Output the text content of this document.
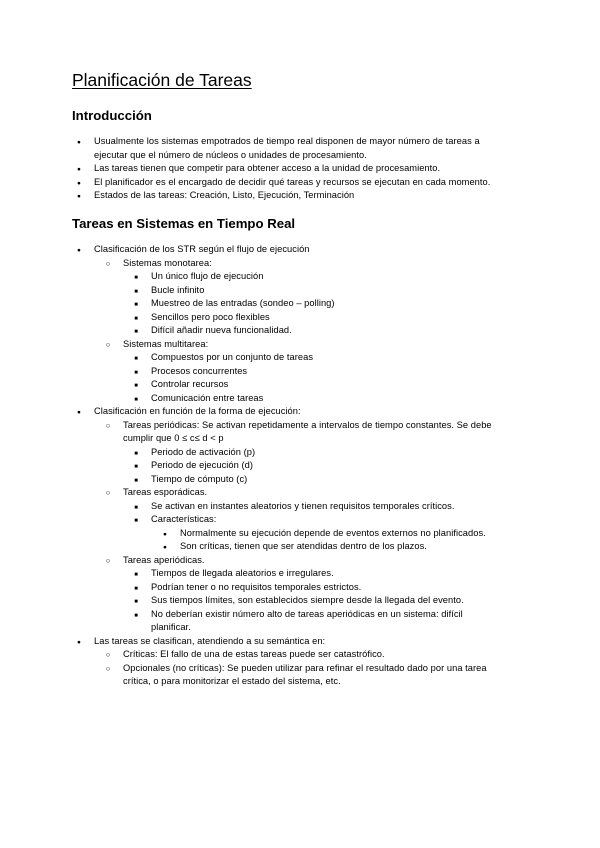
Planificación de Tareas
Introducción
●
Usualmente los sistemas empotrados de tiempo real disponen de mayor número de tareas a
ejecutar que el número de núcleos o unidades de procesamiento.
●
Las tareas tienen que competir para obtener acceso a la unidad de procesamiento.
●
El planificador es el encargado de decidir qué tareas y recursos se ejecutan en cada momento.
●
Estados de las tareas: Creación, Listo, Ejecución, Terminación
Tareas en Sistemas en Tiempo Real
●
Clasificación de los STR según el flujo de ejecución
○
Sistemas monotarea:
■
Un único flujo de ejecución
■
Bucle infinito
■
Muestreo de las entradas (sondeo – polling)
■
Sencillos pero poco flexibles
■
Difícil añadir nueva funcionalidad.
○
Sistemas multitarea:
■
Compuestos por un conjunto de tareas
■
Procesos concurrentes
■
Controlar recursos
■
Comunicación entre tareas
●
Clasificación en función de la forma de ejecución:
○
Tareas periódicas: Se activan repetidamente a intervalos de tiempo constantes. Se debe
cumplir que 0 ≤ c≤ d < p
■
Periodo de activación (p)
■
Periodo de ejecución (d)
■
Tiempo de cómputo (c)
○
Tareas esporádicas.
■
Se activan en instantes aleatorios y tienen requisitos temporales críticos.
■
Características:
●
Normalmente su ejecución depende de eventos externos no planificados.
●
Son críticas, tienen que ser atendidas dentro de los plazos.
○
Tareas aperiódicas.
■
Tiempos de llegada aleatorios e irregulares.
■
Podrían tener o no requisitos temporales estrictos.
■
Sus tiempos límites, son establecidos siempre desde la llegada del evento.
■
No deberían existir número alto de tareas aperiódicas en un sistema: difícil
planificar.
●
Las tareas se clasifican, atendiendo a su semántica en:
○
Críticas: El fallo de una de estas tareas puede ser catastrófico.
○
Opcionales (no críticas): Se pueden utilizar para refinar el resultado dado por una tarea
crítica, o para monitorizar el estado del sistema, etc.
